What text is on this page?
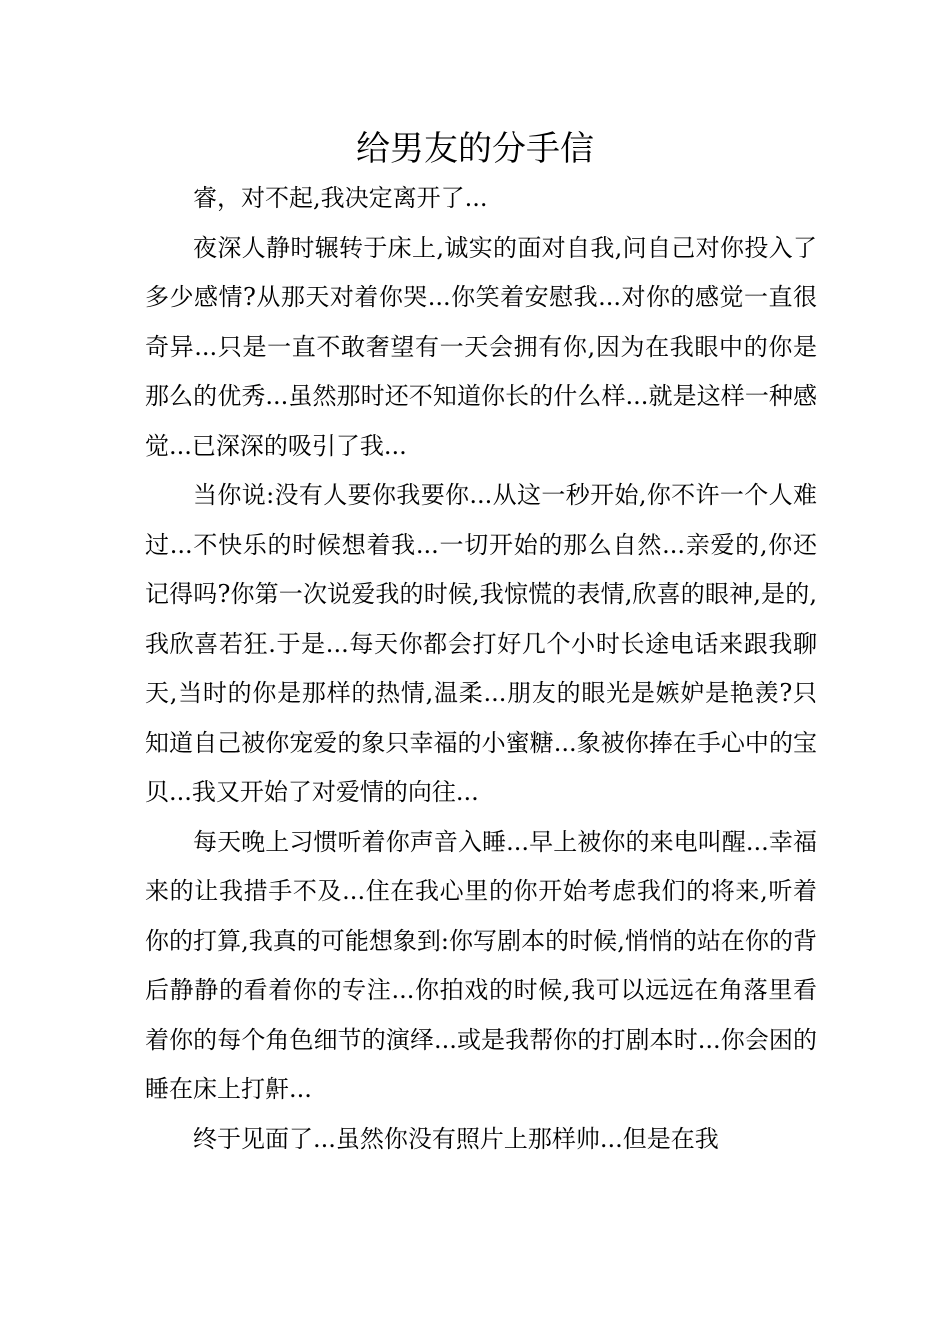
给男友的分手信

睿，对不起,我决定离开了...

夜深人静时辗转于床上,诚实的面对自我,问自己对你投入了多少感情?从那天对着你哭...你笑着安慰我...对你的感觉一直很奇异...只是一直不敢奢望有一天会拥有你,因为在我眼中的你是那么的优秀...虽然那时还不知道你长的什么样...就是这样一种感觉...已深深的吸引了我...

当你说:没有人要你我要你...从这一秒开始,你不许一个人难过...不快乐的时候想着我...一切开始的那么自然...亲爱的,你还记得吗?你第一次说爱我的时候,我惊慌的表情,欣喜的眼神,是的,我欣喜若狂.于是...每天你都会打好几个小时长途电话来跟我聊天,当时的你是那样的热情,温柔...朋友的眼光是嫉妒是艳羡?只知道自己被你宠爱的象只幸福的小蜜糖...象被你捧在手心中的宝贝...我又开始了对爱情的向往...

每天晚上习惯听着你声音入睡...早上被你的来电叫醒...幸福来的让我措手不及...住在我心里的你开始考虑我们的将来,听着你的打算,我真的可能想象到:你写剧本的时候,悄悄的站在你的背后静静的看着你的专注...你拍戏的时候,我可以远远在角落里看着你的每个角色细节的演绎...或是我帮你的打剧本时...你会困的睡在床上打鼾...

终于见面了...虽然你没有照片上那样帅...但是在我
